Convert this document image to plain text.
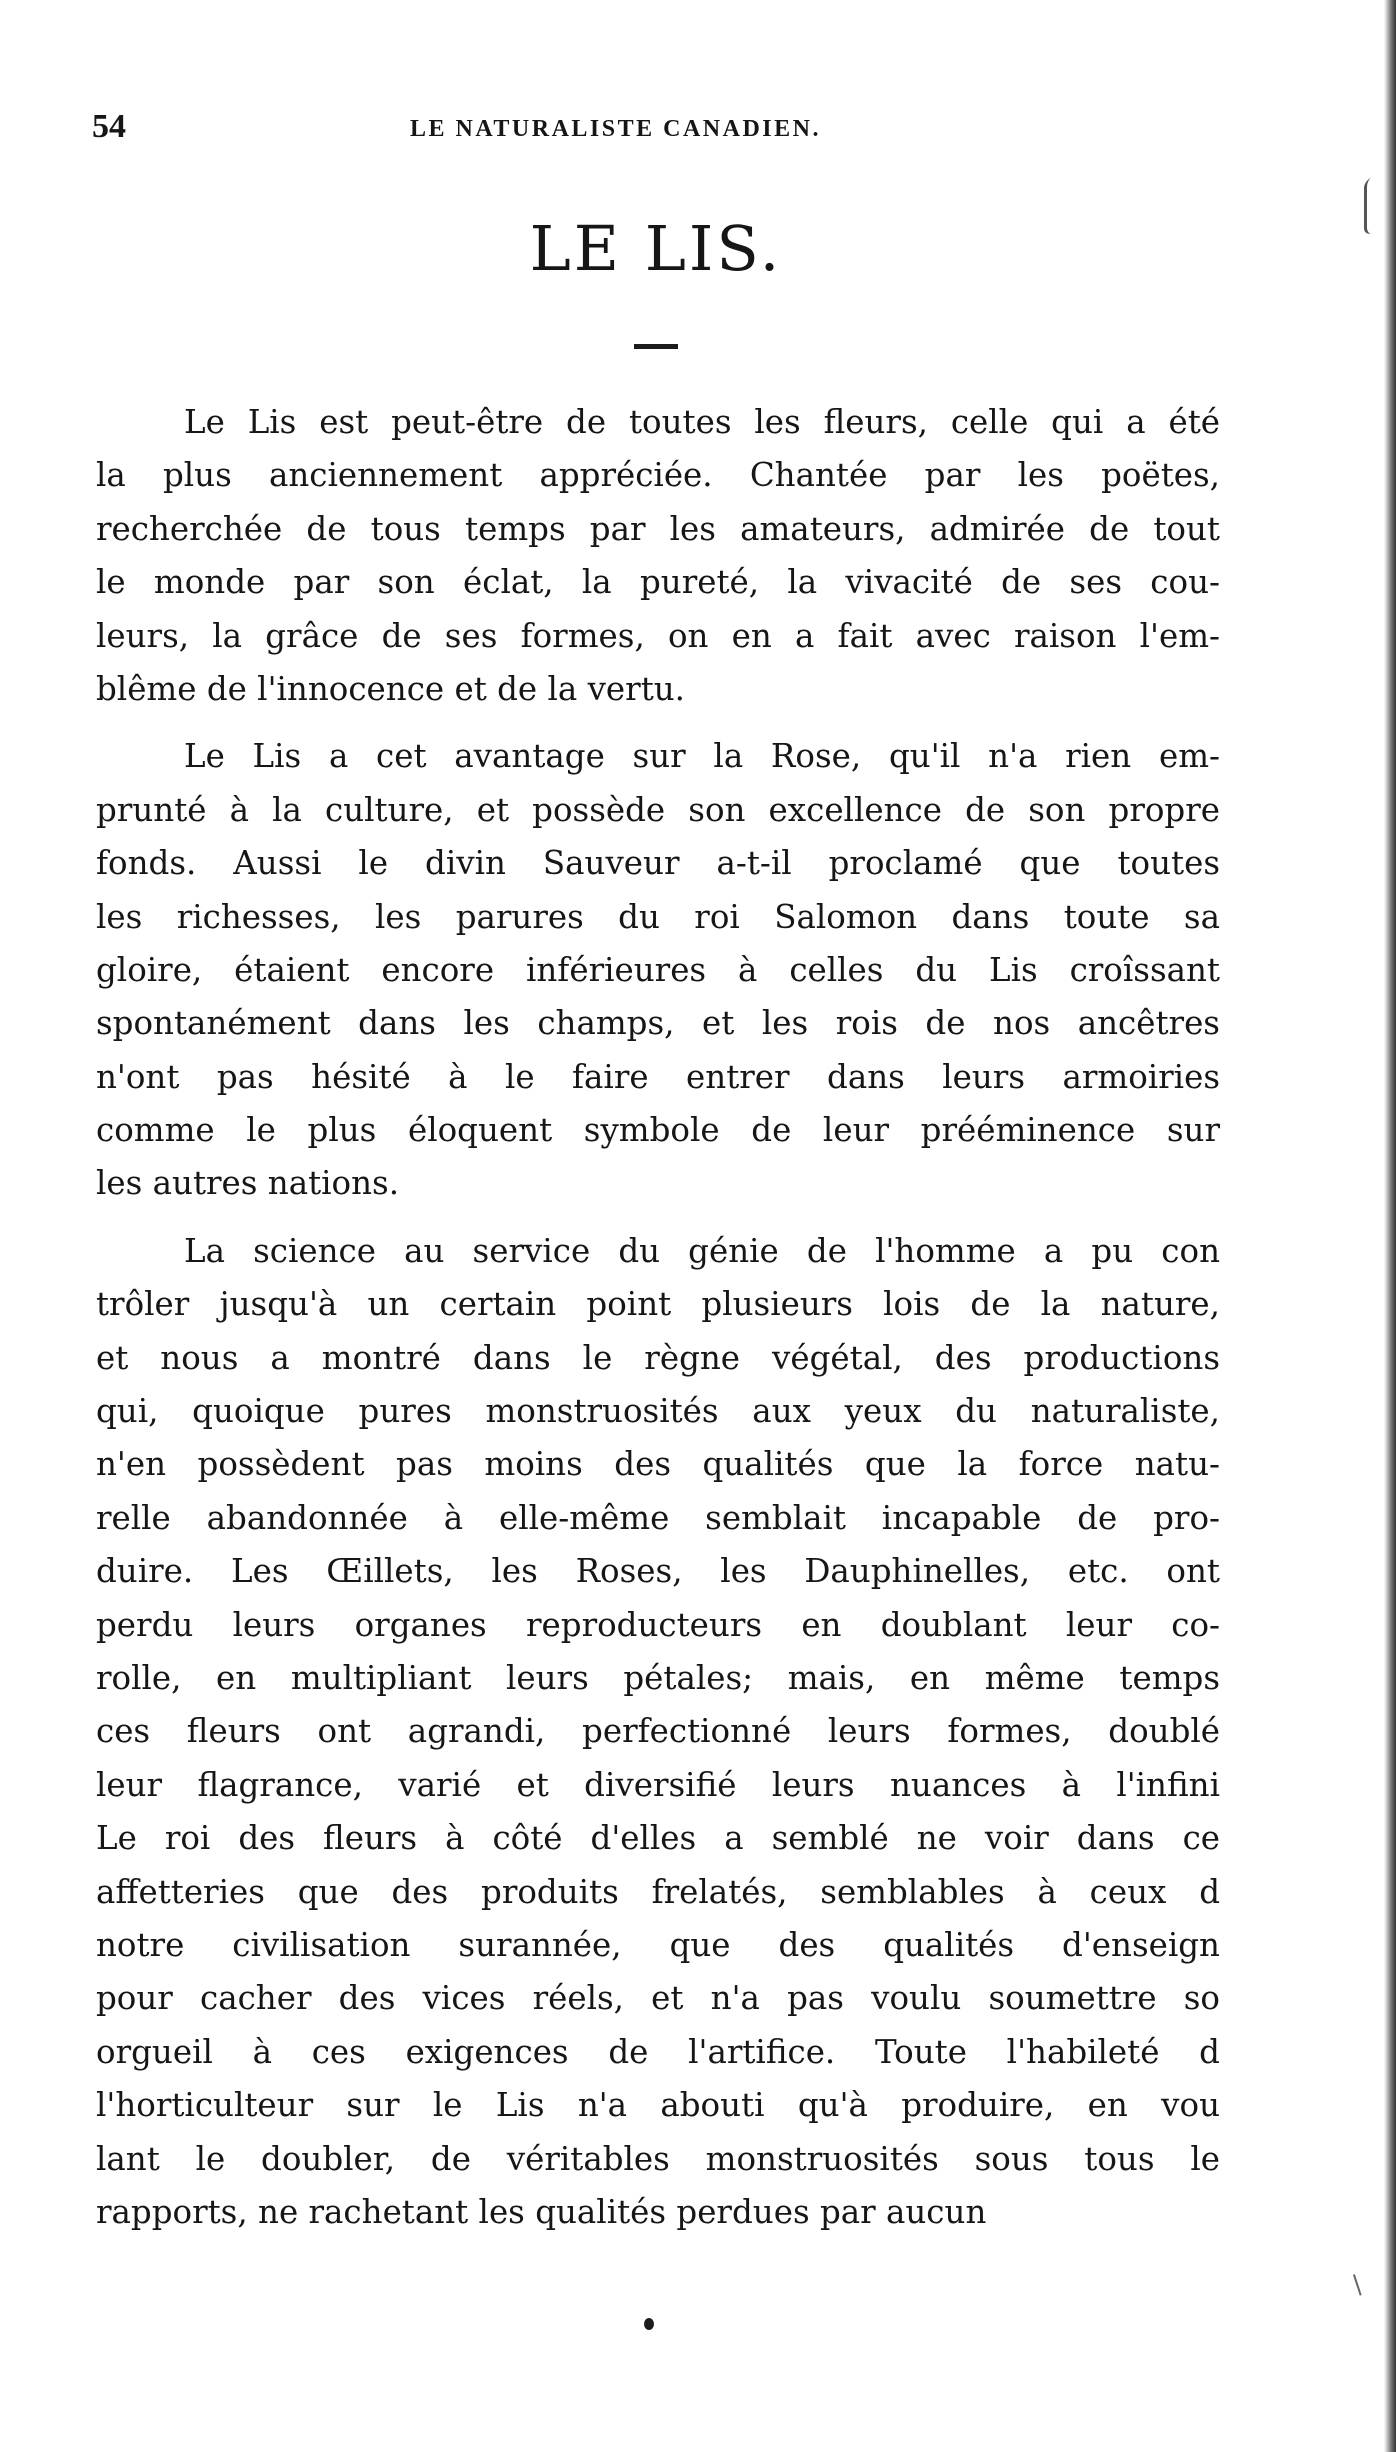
54	LE NATURALISTE CANADIEN.
LE LIS.

Le Lis est peut-être de toutes les fleurs, celle qui a été
la plus anciennement appréciée. Chantée par les poëtes,
recherchée de tous temps par les amateurs, admirée de tout
le monde par son éclat, la pureté, la vivacité de ses cou-
leurs, la grâce de ses formes, on en a fait avec raison l'em-
blême de l'innocence et de la vertu.

Le Lis a cet avantage sur la Rose, qu'il n'a rien em-
prunté à la culture, et possède son excellence de son propre
fonds. Aussi le divin Sauveur a-t-il proclamé que toutes
les richesses, les parures du roi Salomon dans toute sa
gloire, étaient encore inférieures à celles du Lis croîssant
spontanément dans les champs, et les rois de nos ancêtres
n'ont pas hésité à le faire entrer dans leurs armoiries
comme le plus éloquent symbole de leur prééminence sur
les autres nations.

La science au service du génie de l'homme a pu con
trôler jusqu'à un certain point plusieurs lois de la nature,
et nous a montré dans le règne végétal, des productions
qui, quoique pures monstruosités aux yeux du naturaliste,
n'en possèdent pas moins des qualités que la force natu-
relle abandonnée à elle-même semblait incapable de pro-
duire. Les Œillets, les Roses, les Dauphinelles, etc. ont
perdu leurs organes reproducteurs en doublant leur co-
rolle, en multipliant leurs pétales; mais, en même temps
ces fleurs ont agrandi, perfectionné leurs formes, doublé
leur flagrance, varié et diversifié leurs nuances à l'infini
Le roi des fleurs à côté d'elles a semblé ne voir dans ce
affetteries que des produits frelatés, semblables à ceux d
notre civilisation surannée, que des qualités d'enseign
pour cacher des vices réels, et n'a pas voulu soumettre so
orgueil à ces exigences de l'artifice. Toute l'habileté d
l'horticulteur sur le Lis n'a abouti qu'à produire, en vou
lant le doubler, de véritables monstruosités sous tous le
rapports, ne rachetant les qualités perdues par aucun
